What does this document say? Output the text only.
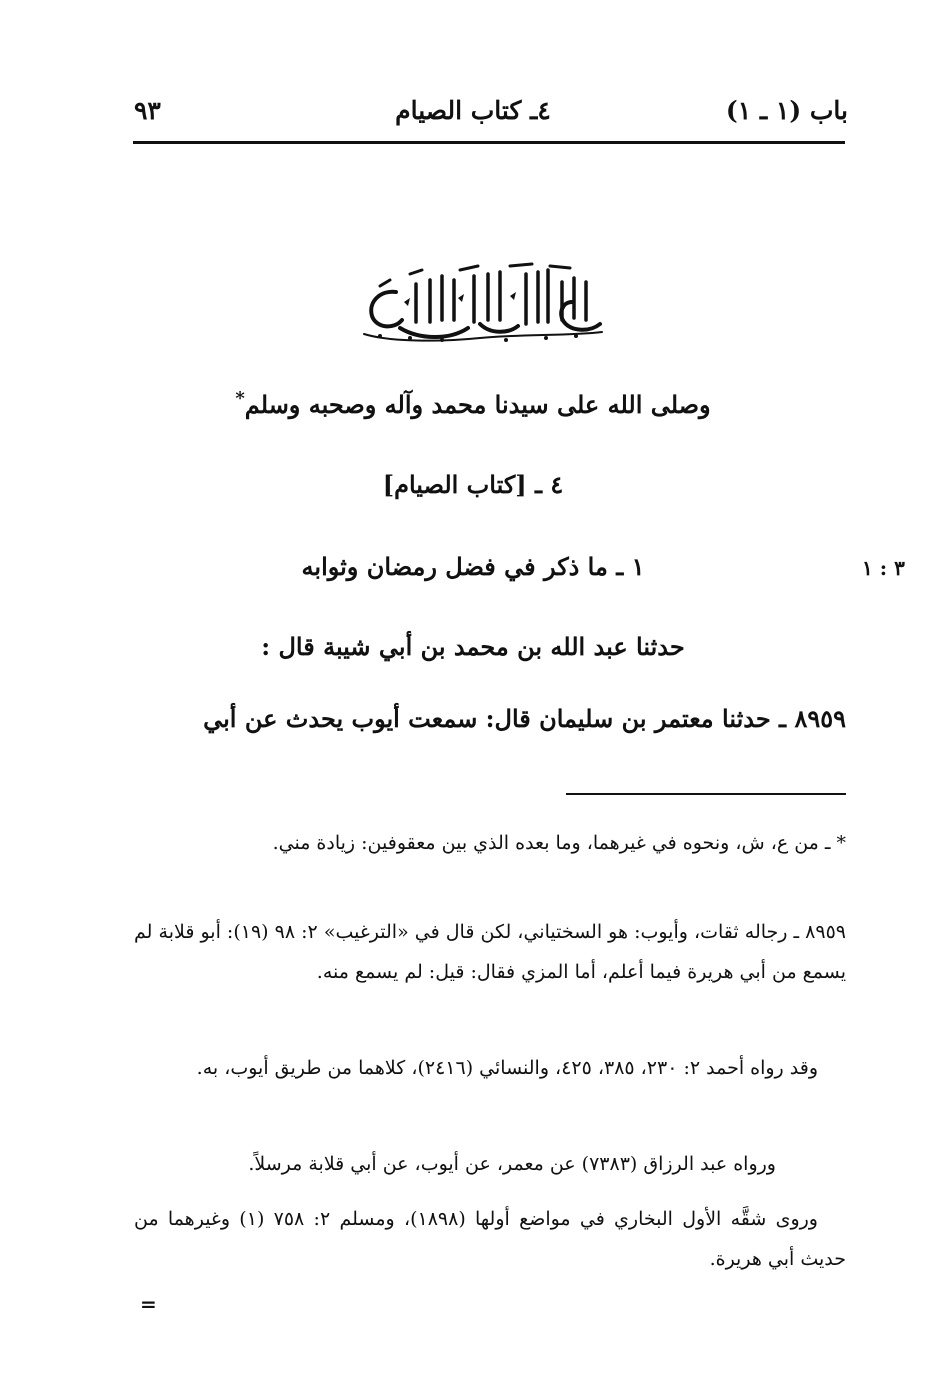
باب (١ ـ ١)
٤ـ كتاب الصيام
٩٣
وصلى الله على سيدنا محمد وآله وصحبه وسلم*
٤ ـ [كتاب الصيام]
١ ـ ما ذكر في فضل رمضان وثوابه	٣ : ١
حدثنا عبد الله بن محمد بن أبي شيبة قال :
٨٩٥٩ ـ حدثنا معتمر بن سليمان قال: سمعت أيوب يحدث عن أبي
* ـ من ع، ش، ونحوه في غيرهما، وما بعده الذي بين معقوفين: زيادة مني.
٨٩٥٩ ـ رجاله ثقات، وأيوب: هو السختياني، لكن قال في «الترغيب» ٢: ٩٨ (١٩): أبو قلابة لم يسمع من أبي هريرة فيما أعلم، أما المزي فقال: قيل: لم يسمع منه.
وقد رواه أحمد ٢: ٢٣٠، ٣٨٥، ٤٢٥، والنسائي (٢٤١٦)، كلاهما من طريق أيوب، به.
ورواه عبد الرزاق (٧٣٨٣) عن معمر، عن أيوب، عن أبي قلابة مرسلاً.
وروى شقَّه الأول البخاري في مواضع أولها (١٨٩٨)، ومسلم ٢: ٧٥٨ (١) وغيرهما من حديث أبي هريرة.
=
